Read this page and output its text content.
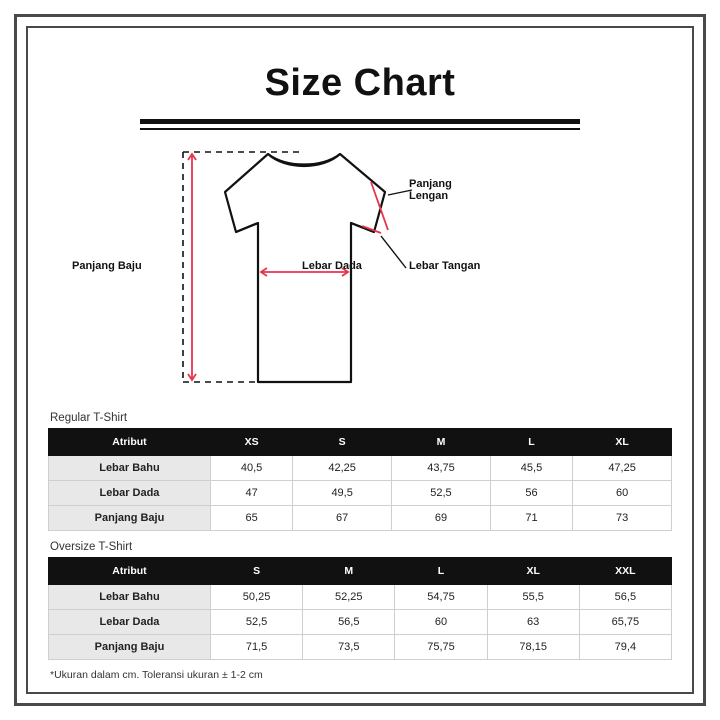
Size Chart
Panjang
Lengan
Lebar Tangan
Lebar Dada
Panjang Baju
Regular T-Shirt
Atribut	XS	S	M	L	XL
Lebar Bahu	40,5	42,25	43,75	45,5	47,25
Lebar Dada	47	49,5	52,5	56	60
Panjang Baju	65	67	69	71	73
Oversize T-Shirt
Atribut	S	M	L	XL	XXL
Lebar Bahu	50,25	52,25	54,75	55,5	56,5
Lebar Dada	52,5	56,5	60	63	65,75
Panjang Baju	71,5	73,5	75,75	78,15	79,4
*Ukuran dalam cm. Toleransi ukuran ± 1-2 cm
